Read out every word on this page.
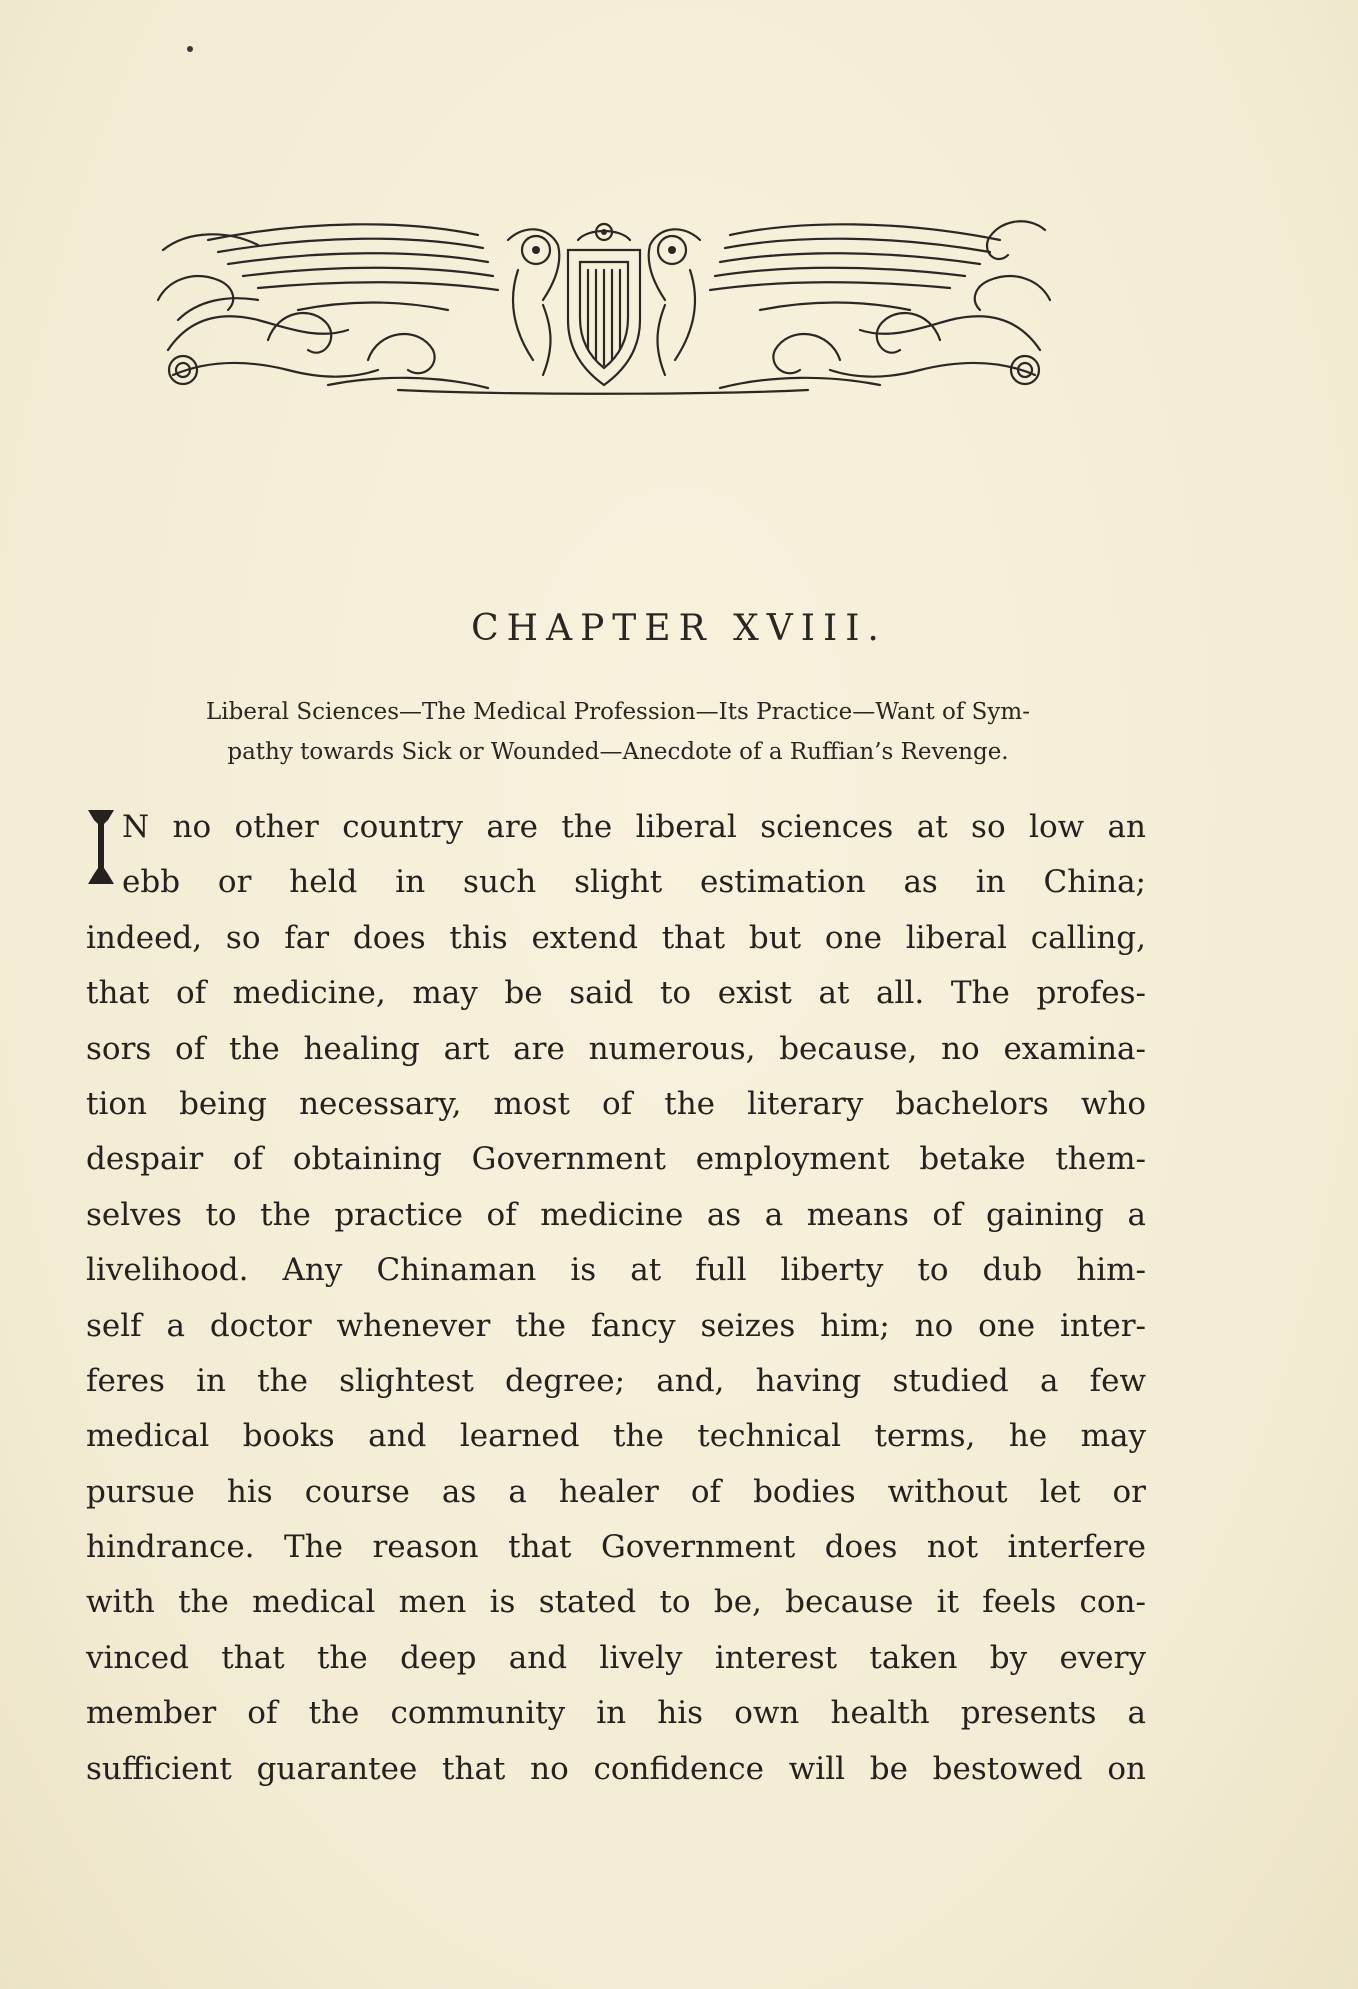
CHAPTER XVIII.
Liberal Sciences—The Medical Profession—Its Practice—Want of Sym-
pathy towards Sick or Wounded—Anecdote of a Ruffian’s Revenge.
N no other country are the liberal sciences at so low an
ebb or held in such slight estimation as in China;
indeed, so far does this extend that but one liberal calling,
that of medicine, may be said to exist at all. The profes-
sors of the healing art are numerous, because, no examina-
tion being necessary, most of the literary bachelors who
despair of obtaining Government employment betake them-
selves to the practice of medicine as a means of gaining a
livelihood. Any Chinaman is at full liberty to dub him-
self a doctor whenever the fancy seizes him; no one inter-
feres in the slightest degree; and, having studied a few
medical books and learned the technical terms, he may
pursue his course as a healer of bodies without let or
hindrance. The reason that Government does not interfere
with the medical men is stated to be, because it feels con-
vinced that the deep and lively interest taken by every
member of the community in his own health presents a
sufficient guarantee that no confidence will be bestowed on
